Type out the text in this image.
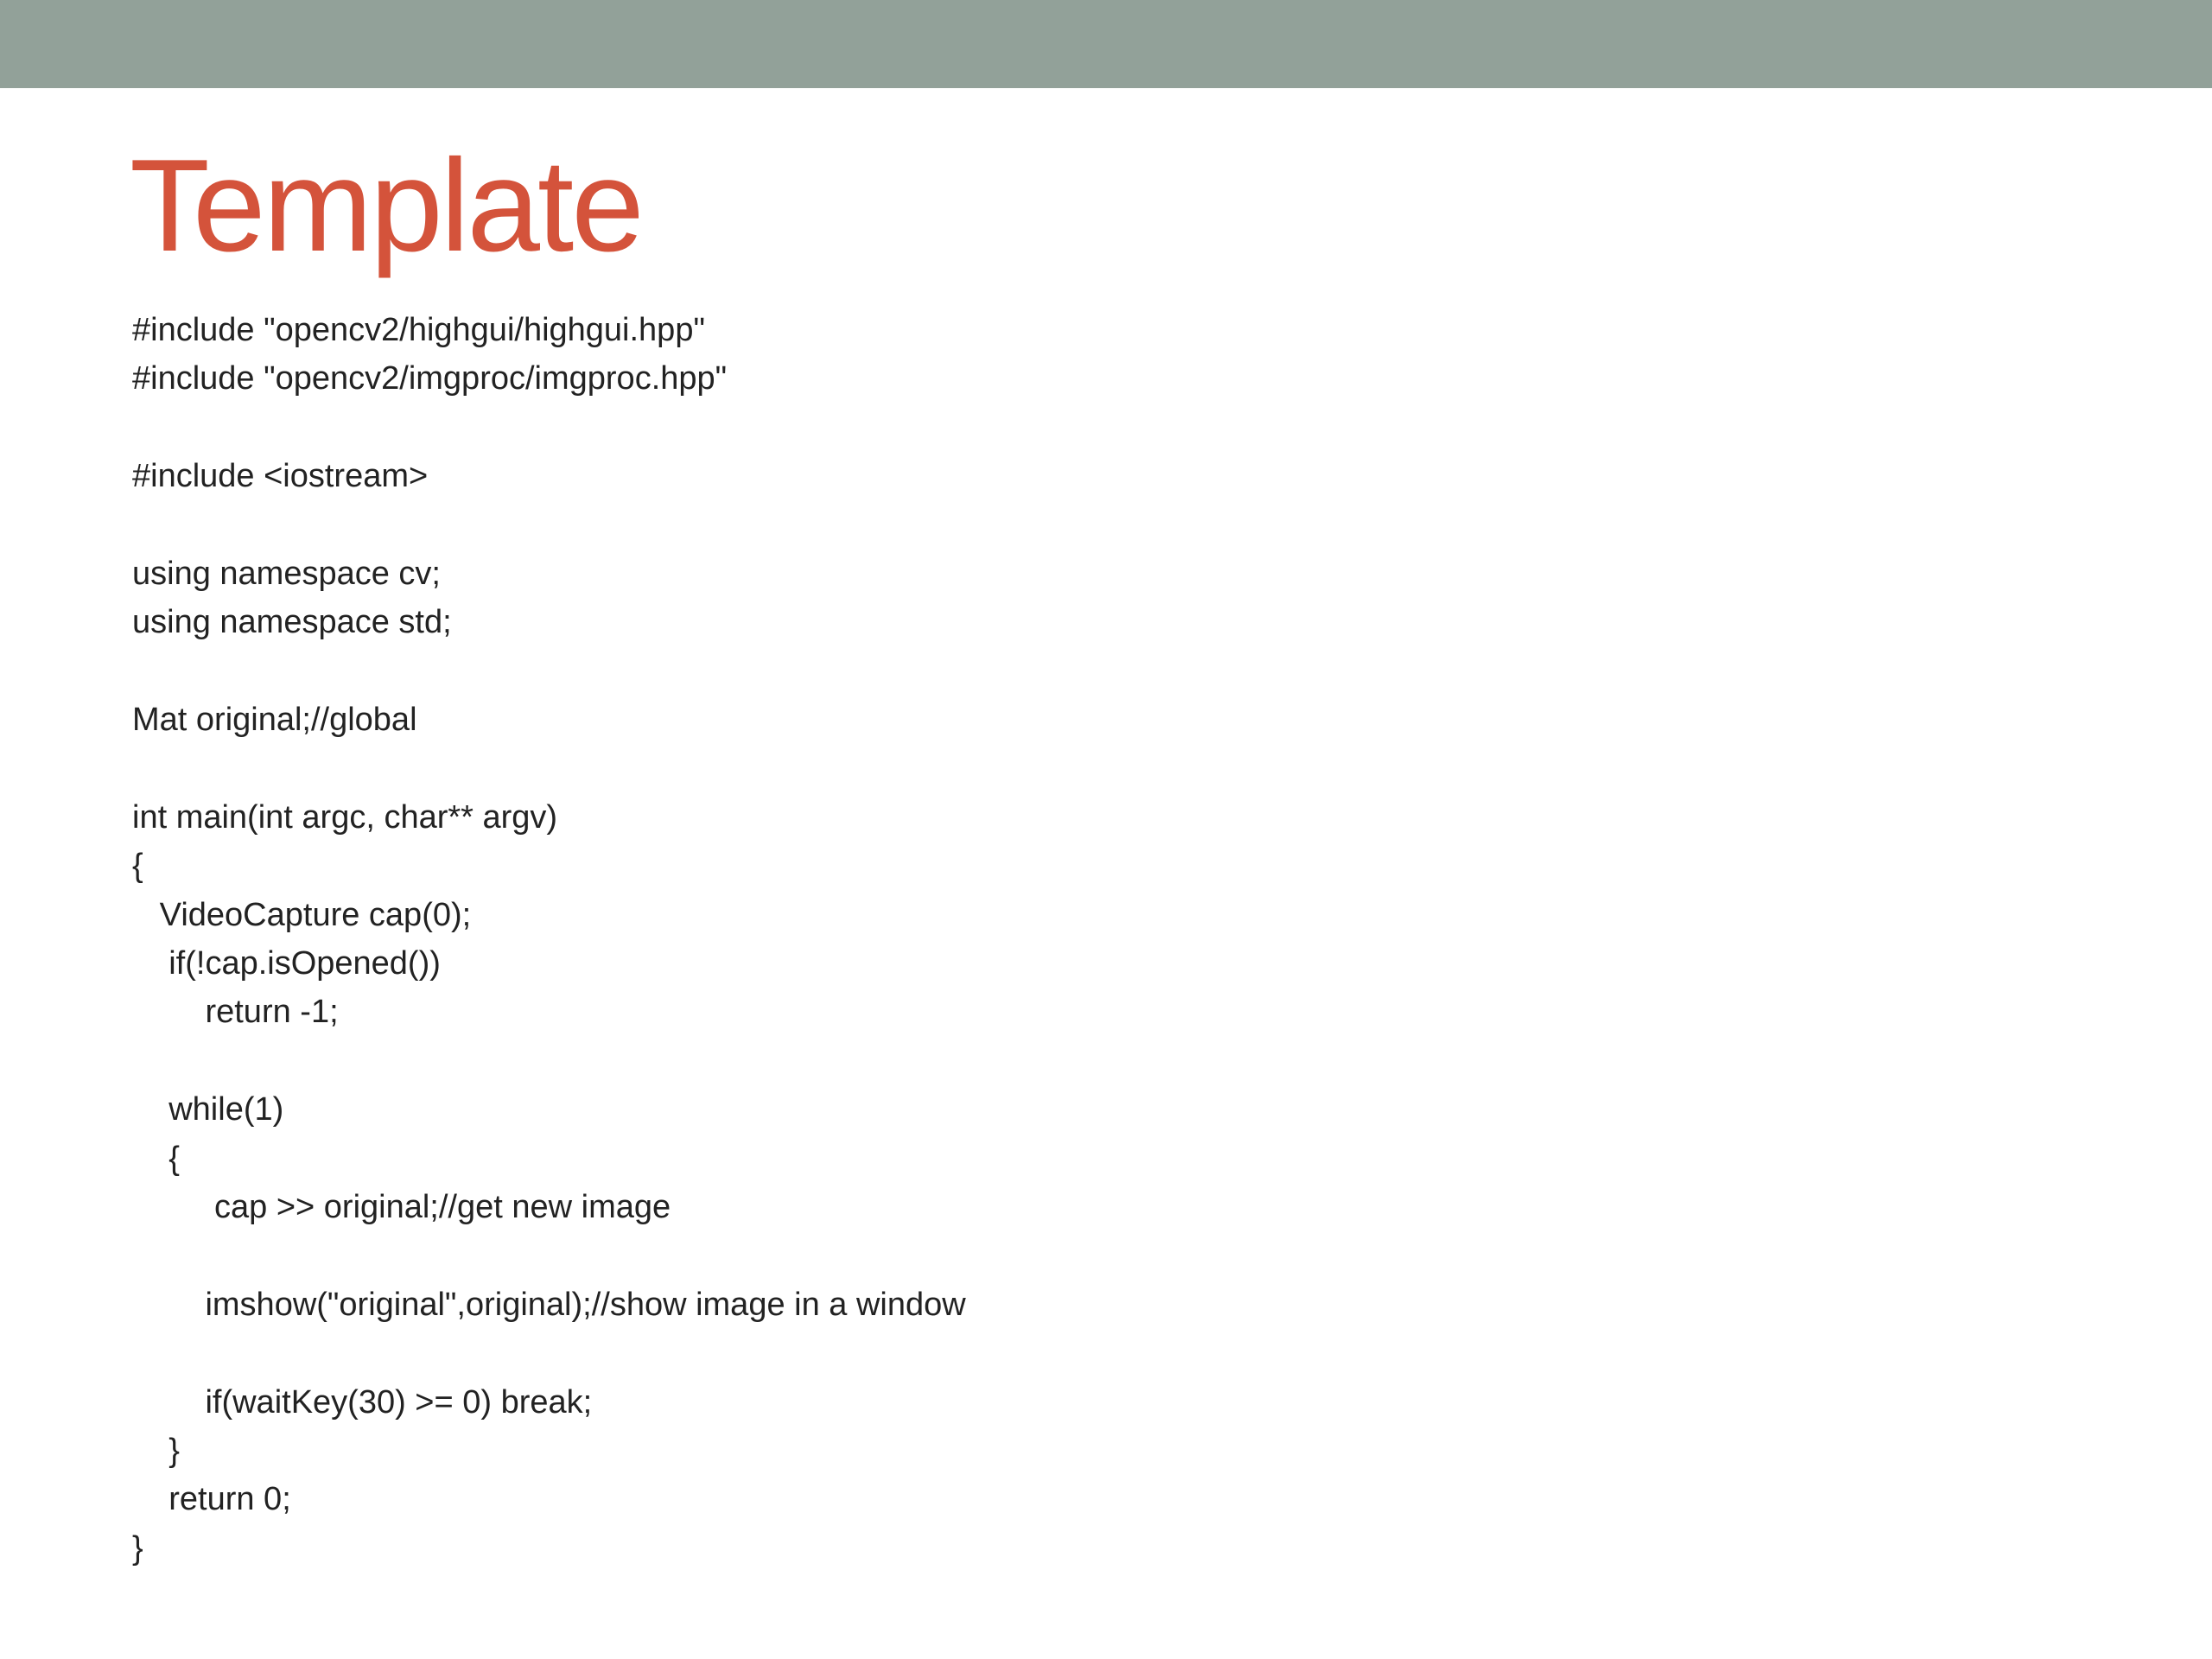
Template
#include "opencv2/highgui/highgui.hpp"
#include "opencv2/imgproc/imgproc.hpp"
#include <iostream>
using namespace cv;
using namespace std;
Mat original;//global
int main(int argc, char** argv)
{
VideoCapture cap(0);
if(!cap.isOpened())
return -1;
while(1)
{
cap >> original;//get new image
imshow("original",original);//show image in a window
if(waitKey(30) >= 0) break;
}
return 0;
}
